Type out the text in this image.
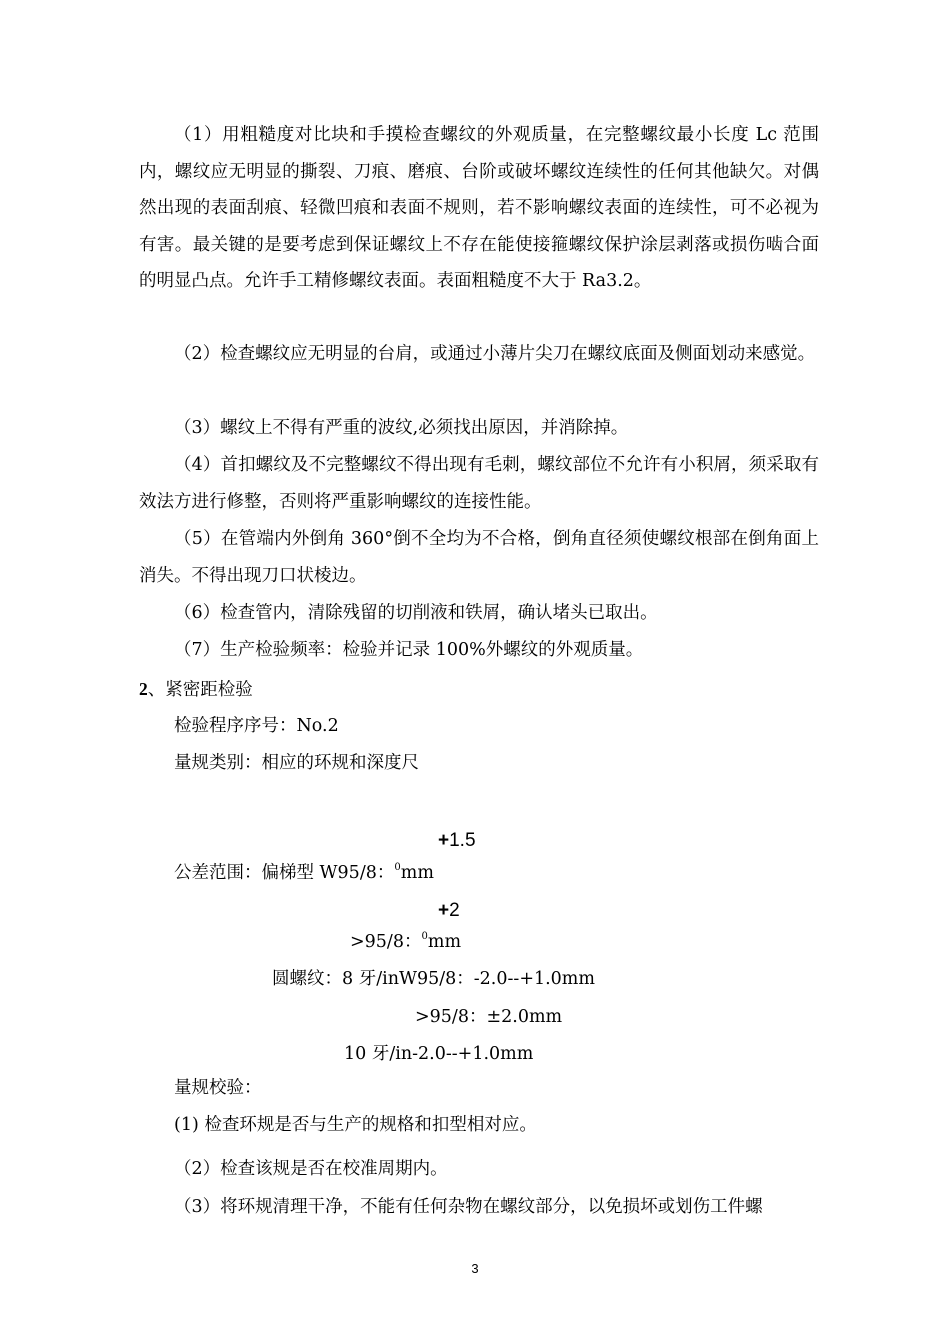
（1）用粗糙度对比块和手摸检查螺纹的外观质量，在完整螺纹最小长度 Lc 范围内，螺纹应无明显的撕裂、刀痕、磨痕、台阶或破坏螺纹连续性的任何其他缺欠。对偶然出现的表面刮痕、轻微凹痕和表面不规则，若不影响螺纹表面的连续性，可不必视为有害。最关键的是要考虑到保证螺纹上不存在能使接箍螺纹保护涂层剥落或损伤啮合面的明显凸点。允许手工精修螺纹表面。表面粗糙度不大于 Ra3.2。
（2）检查螺纹应无明显的台肩，或通过小薄片尖刀在螺纹底面及侧面划动来感觉。
（3）螺纹上不得有严重的波纹,必须找出原因，并消除掉。
（4）首扣螺纹及不完整螺纹不得出现有毛刺，螺纹部位不允许有小积屑，须采取有效法方进行修整，否则将严重影响螺纹的连接性能。
（5）在管端内外倒角 360°倒不全均为不合格，倒角直径须使螺纹根部在倒角面上消失。不得出现刀口状棱边。
（6）检查管内，清除残留的切削液和铁屑，确认堵头已取出。
（7）生产检验频率：检验并记录 100%外螺纹的外观质量。
2、紧密距检验
检验程序序号：No.2
量规类别：相应的环规和深度尺
+1.5
公差范围：偏梯型 W95/8：$^0$mm
+2
>95/8：$^0$mm
圆螺纹：8 牙/inW95/8：-2.0--+1.0mm
>95/8：±2.0mm
10 牙/in-2.0--+1.0mm
量规校验：
(1) 检查环规是否与生产的规格和扣型相对应。
（2）检查该规是否在校准周期内。
（3）将环规清理干净，不能有任何杂物在螺纹部分，以免损坏或划伤工件螺
3
